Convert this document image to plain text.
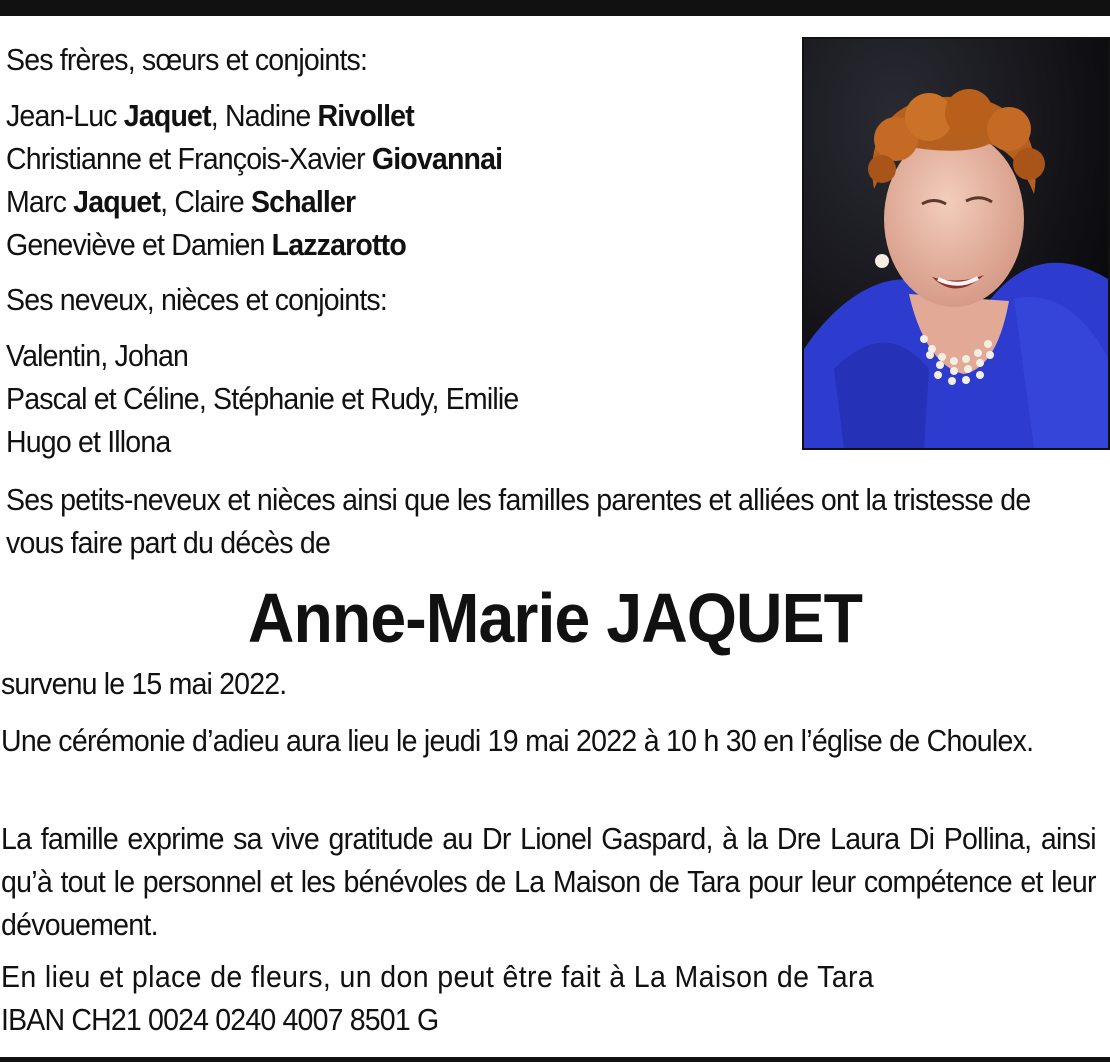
Ses frères, sœurs et conjoints:
Jean-Luc Jaquet, Nadine Rivollet
Christianne et François-Xavier Giovannai
Marc Jaquet, Claire Schaller
Geneviève et Damien Lazzarotto
Ses neveux, nièces et conjoints:
Valentin, Johan
Pascal et Céline, Stéphanie et Rudy, Emilie
Hugo et Illona
Ses petits-neveux et nièces ainsi que les familles parentes et alliées ont la tristesse de vous faire part du décès de
Anne-Marie JAQUET
survenu le 15 mai 2022.
Une cérémonie d’adieu aura lieu le jeudi 19 mai 2022 à 10 h 30 en l’église de Choulex.
La famille exprime sa vive gratitude au Dr Lionel Gaspard, à la Dre Laura Di Pollina, ainsi qu’à tout le personnel et les bénévoles de La Maison de Tara pour leur compétence et leur dévouement.
En lieu et place de fleurs, un don peut être fait à La Maison de Tara
IBAN CH21 0024 0240 4007 8501 G
